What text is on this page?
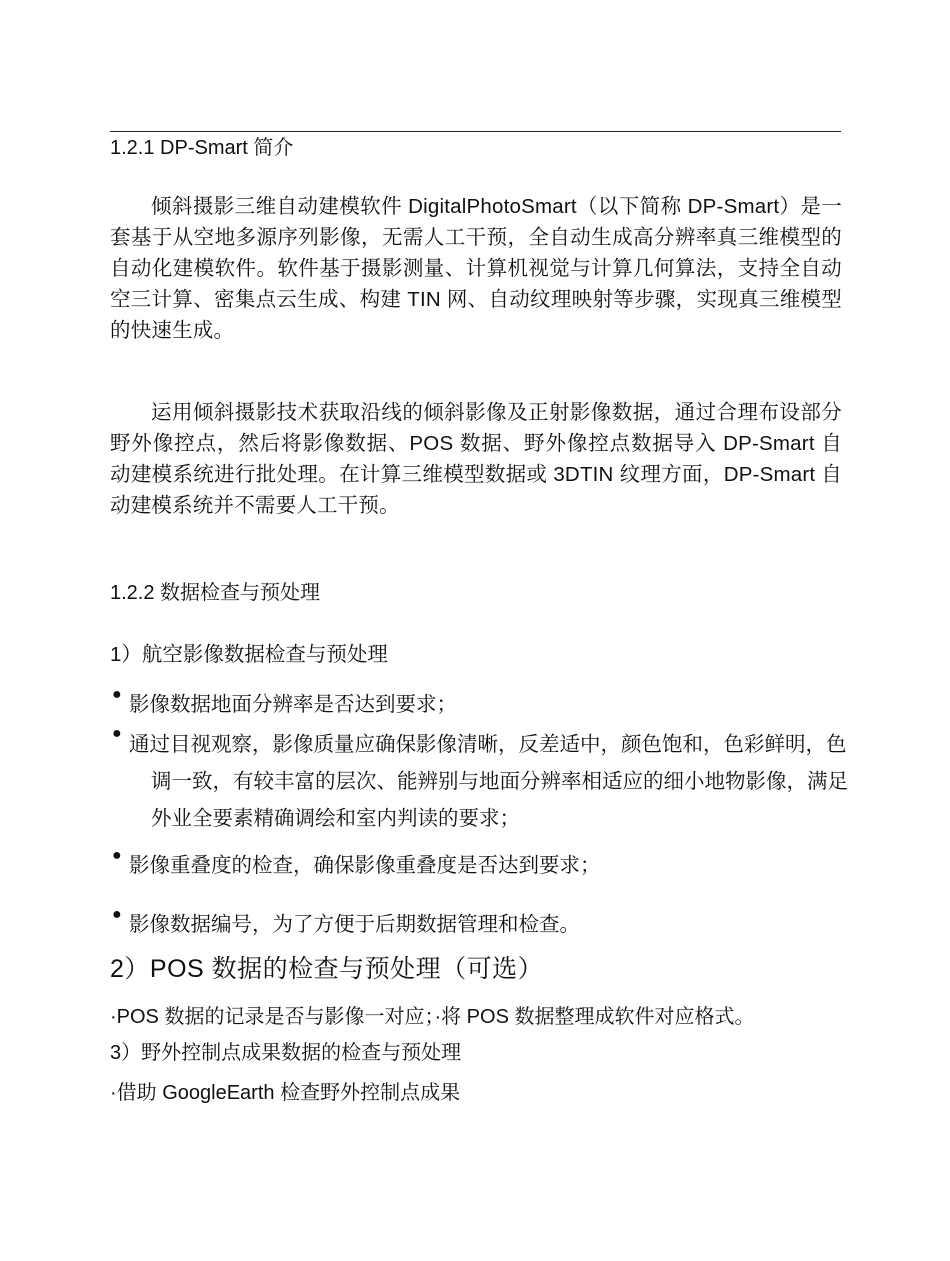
1.2.1 DP-Smart 简介
倾斜摄影三维自动建模软件 DigitalPhotoSmart（以下简称 DP-Smart）是一套基于从空地多源序列影像，无需人工干预，全自动生成高分辨率真三维模型的自动化建模软件。软件基于摄影测量、计算机视觉与计算几何算法，支持全自动空三计算、密集点云生成、构建 TIN 网、自动纹理映射等步骤，实现真三维模型的快速生成。
运用倾斜摄影技术获取沿线的倾斜影像及正射影像数据，通过合理布设部分野外像控点，然后将影像数据、POS 数据、野外像控点数据导入 DP-Smart 自动建模系统进行批处理。在计算三维模型数据或 3DTIN 纹理方面，DP-Smart 自动建模系统并不需要人工干预。
1.2.2 数据检查与预处理
1）航空影像数据检查与预处理
● 影像数据地面分辨率是否达到要求；
● 通过目视观察，影像质量应确保影像清晰，反差适中，颜色饱和，色彩鲜明，色调一致，有较丰富的层次、能辨别与地面分辨率相适应的细小地物影像，满足外业全要素精确调绘和室内判读的要求；
● 影像重叠度的检查，确保影像重叠度是否达到要求；
● 影像数据编号，为了方便于后期数据管理和检查。
2）POS 数据的检查与预处理（可选）
·POS 数据的记录是否与影像一对应；·将 POS 数据整理成软件对应格式。
3）野外控制点成果数据的检查与预处理
·借助 GoogleEarth 检查野外控制点成果
